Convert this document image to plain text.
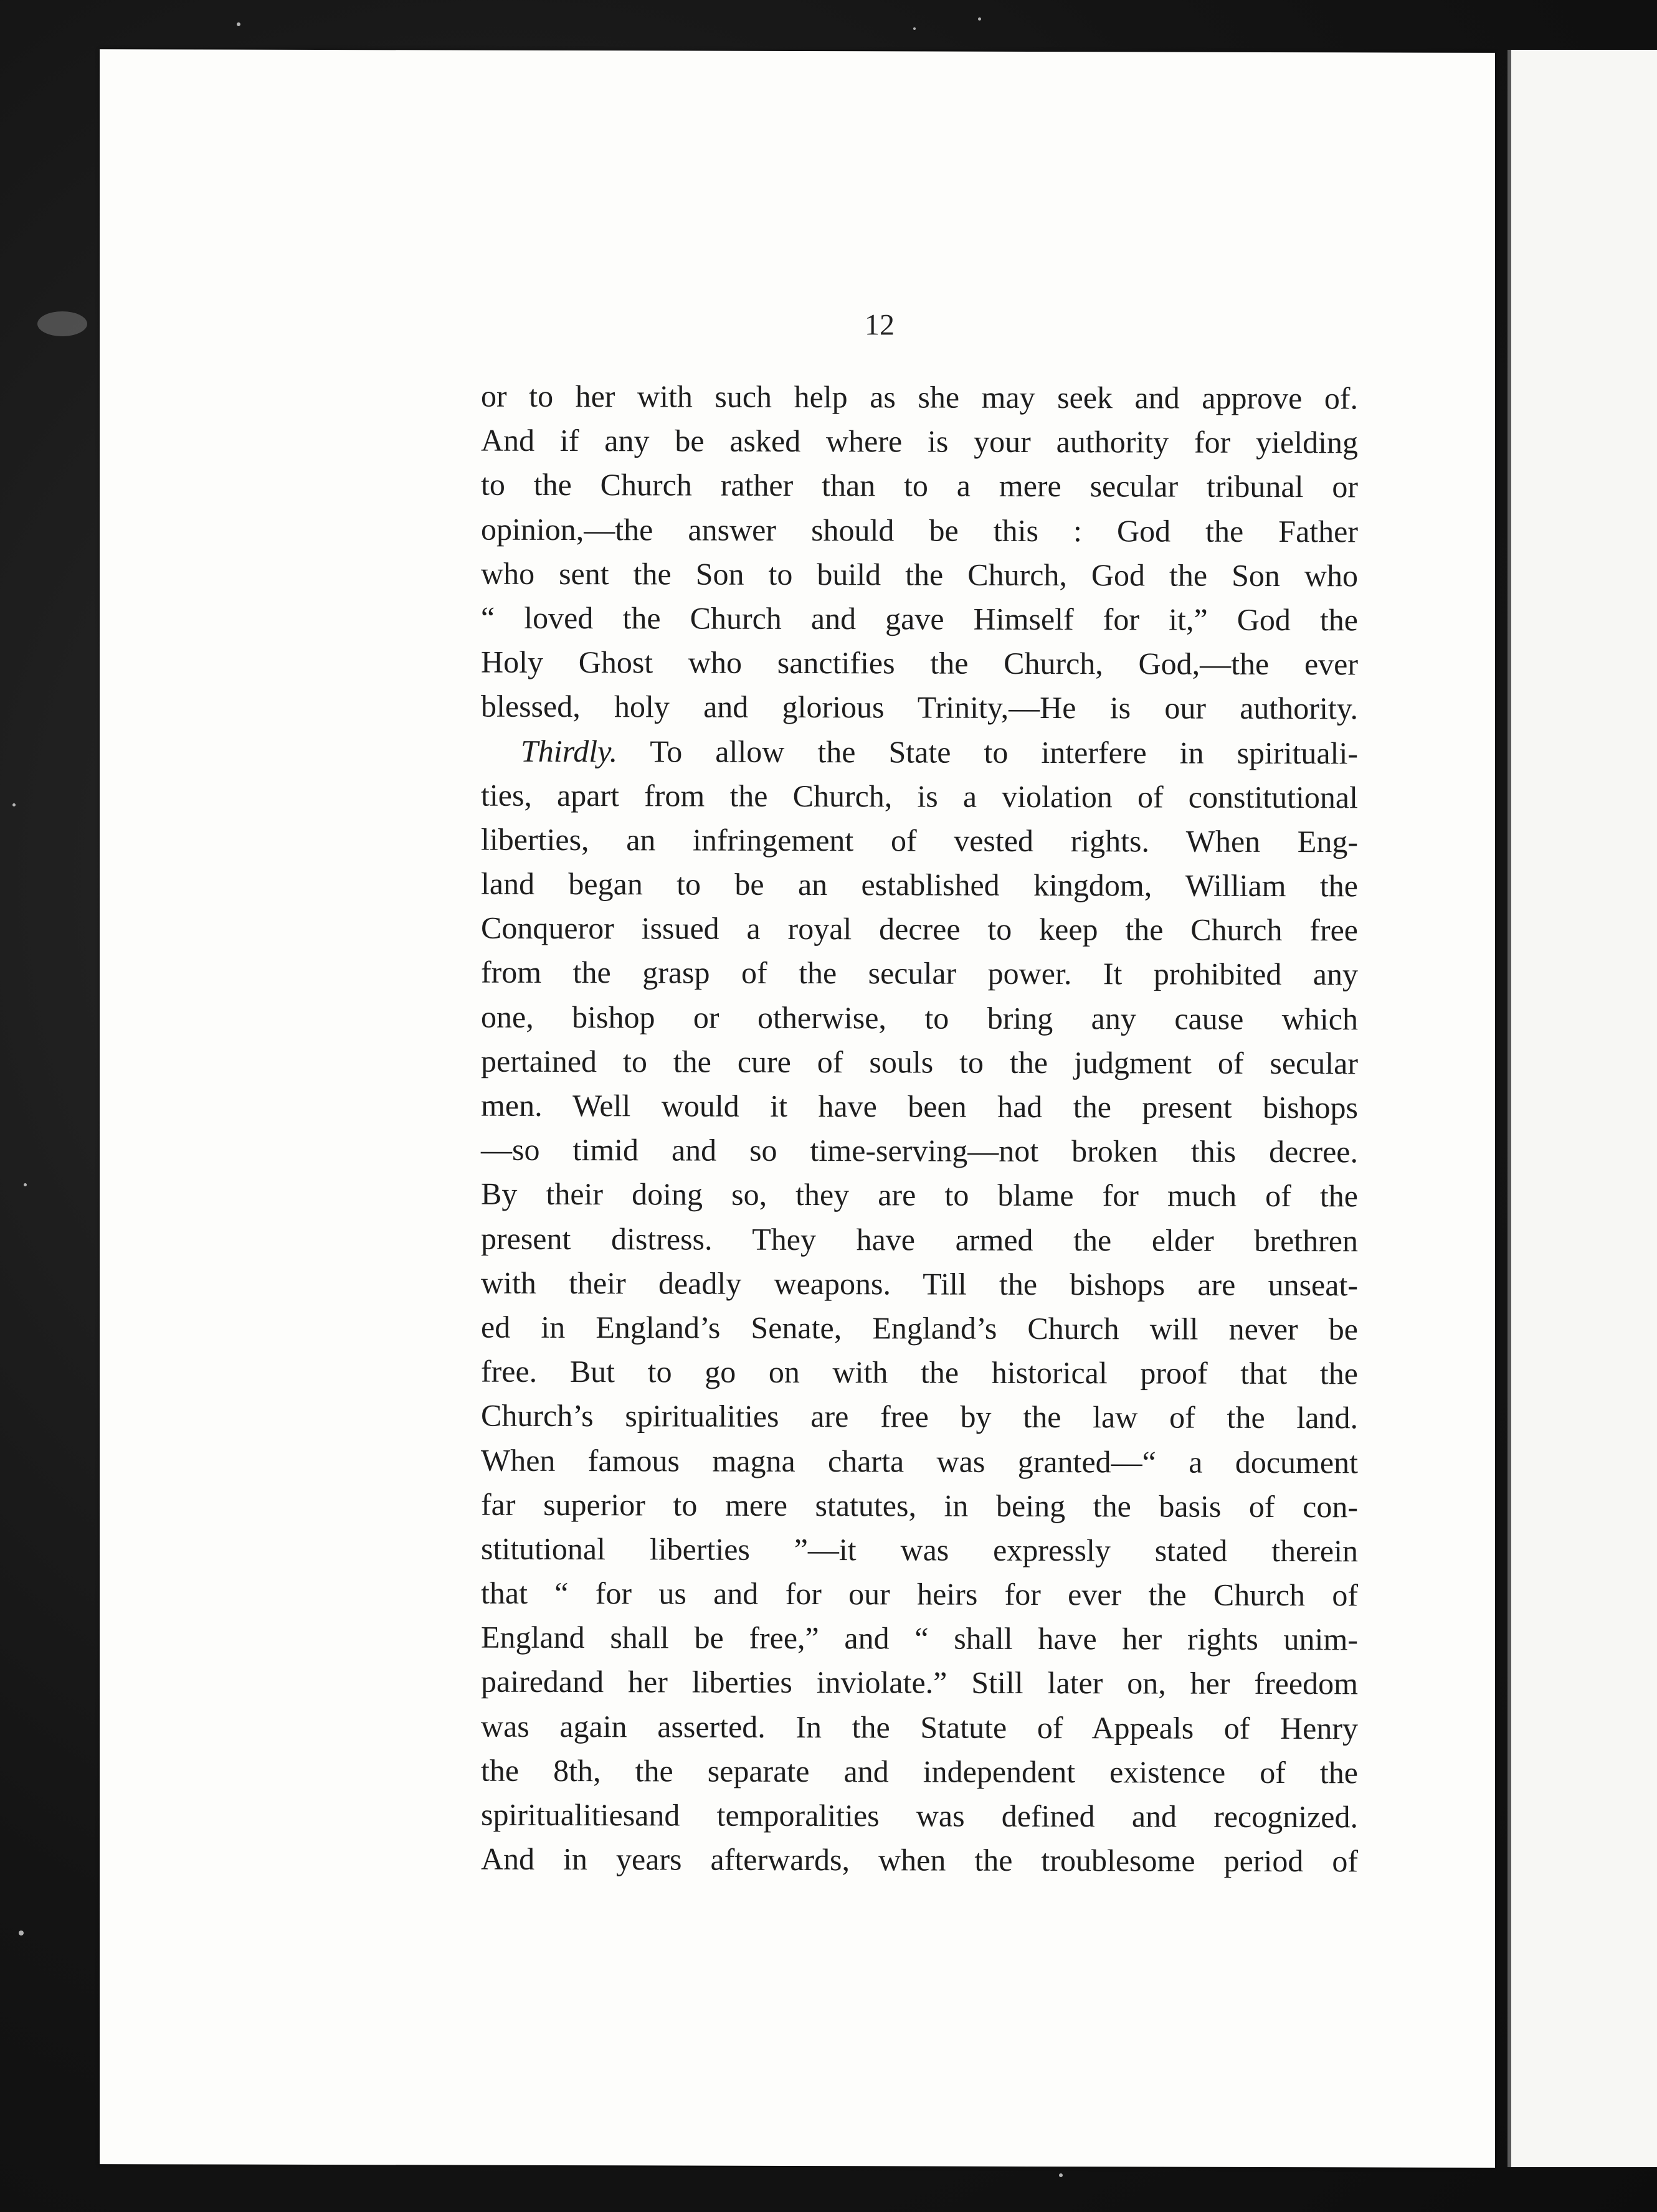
12
or to her with such help as she may seek and approve of.
And if any be asked where is your authority for yielding
to the Church rather than to a mere secular tribunal or
opinion,—the answer should be this : God the Father
who sent the Son to build the Church, God the Son who
“ loved the Church and gave Himself for it,” God the
Holy Ghost who sanctifies the Church, God,—the ever
blessed, holy and glorious Trinity,—He is our authority.
Thirdly. To allow the State to interfere in spirituali-
ties, apart from the Church, is a violation of constitutional
liberties, an infringement of vested rights. When Eng-
land began to be an established kingdom, William the
Conqueror issued a royal decree to keep the Church free
from the grasp of the secular power. It prohibited any
one, bishop or otherwise, to bring any cause which
pertained to the cure of souls to the judgment of secular
men. Well would it have been had the present bishops
—so timid and so time-serving—not broken this decree.
By their doing so, they are to blame for much of the
present distress. They have armed the elder brethren
with their deadly weapons. Till the bishops are unseat-
ed in England’s Senate, England’s Church will never be
free. But to go on with the historical proof that the
Church’s spiritualities are free by the law of the land.
When famous magna charta was granted—“ a document
far superior to mere statutes, in being the basis of con-
stitutional liberties ”—it was expressly stated therein
that “ for us and for our heirs for ever the Church of
England shall be free,” and “ shall have her rights unim-
pairedand her liberties inviolate.” Still later on, her freedom
was again asserted. In the Statute of Appeals of Henry
the 8th, the separate and independent existence of the
spiritualitiesand temporalities was defined and recognized.
And in years afterwards, when the troublesome period of
